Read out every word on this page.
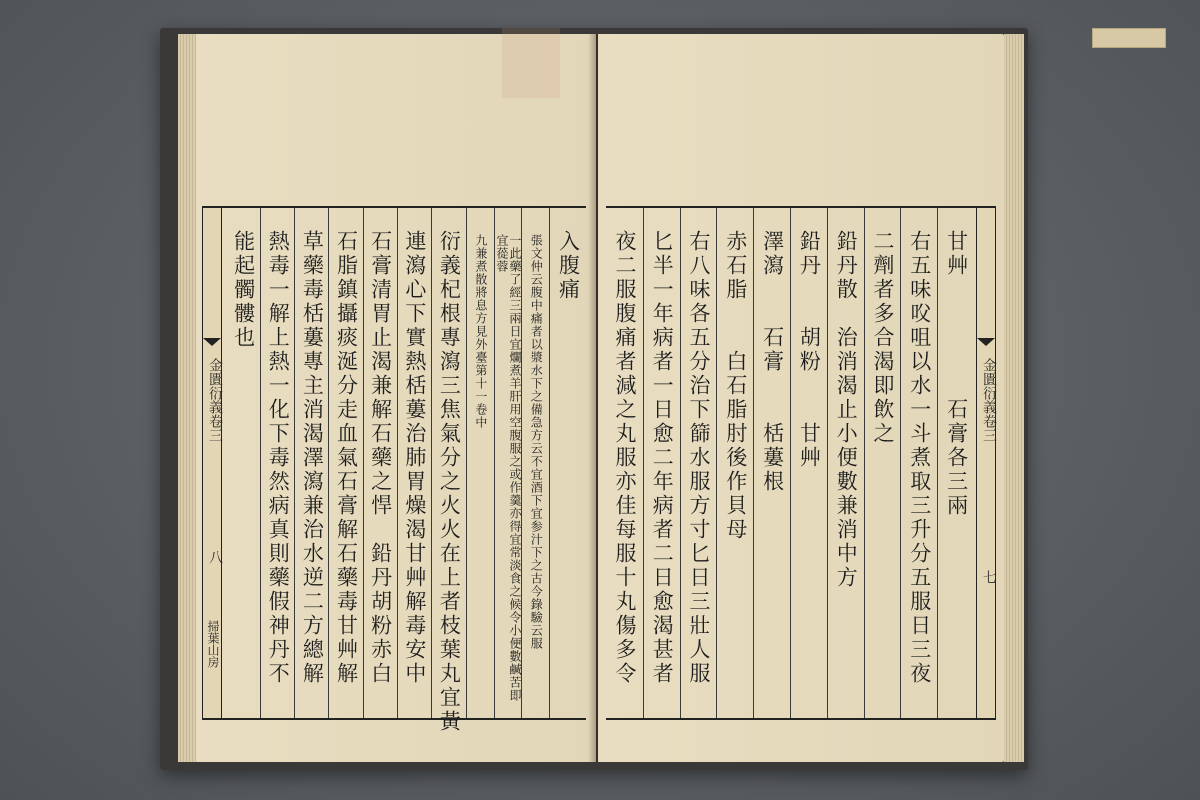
金匱衍義卷三
八
掃葉山房
入腹痛
張文仲云腹中痛者以漿水下之備急方云不宜酒下宜参汁下之古今錄驗云服
一此藥了經三兩日宜爛煮羊肝用空腹服之或作羹亦得宜常淡食之候令小便數鹹苦即宜蓯蓉
九兼煮散將息方見外臺第十一卷中
衍義杞根專瀉三焦氣分之火火在上者枝葉丸宜黃
連瀉心下實熱栝蔞治肺胃燥渴甘艸解毒安中
石膏清胃止渴兼解石藥之悍　鉛丹胡粉赤白
石脂鎮攝痰涎分走血氣石膏解石藥毒甘艸解
草藥毒栝蔞專主消渴澤瀉兼治水逆二方總解
熱毒一解上熱一化下毒然病真則藥假神丹不
能起髑髏也	甘艸　　　　　石膏各三兩
右五味㕮咀以水一斗煮取三升分五服日三夜
二劑者多合渴即飲之
鉛丹散　治消渴止小便數兼消中方
鉛丹　　胡粉　　甘艸
澤瀉　　石膏　　栝蔞根
赤石脂　　白石脂肘後作貝母
右八味各五分治下篩水服方寸匕日三壯人服
匕半一年病者一日愈二年病者二日愈渴甚者
夜二服腹痛者減之丸服亦佳每服十丸傷多令	金匱衍義卷三
七
